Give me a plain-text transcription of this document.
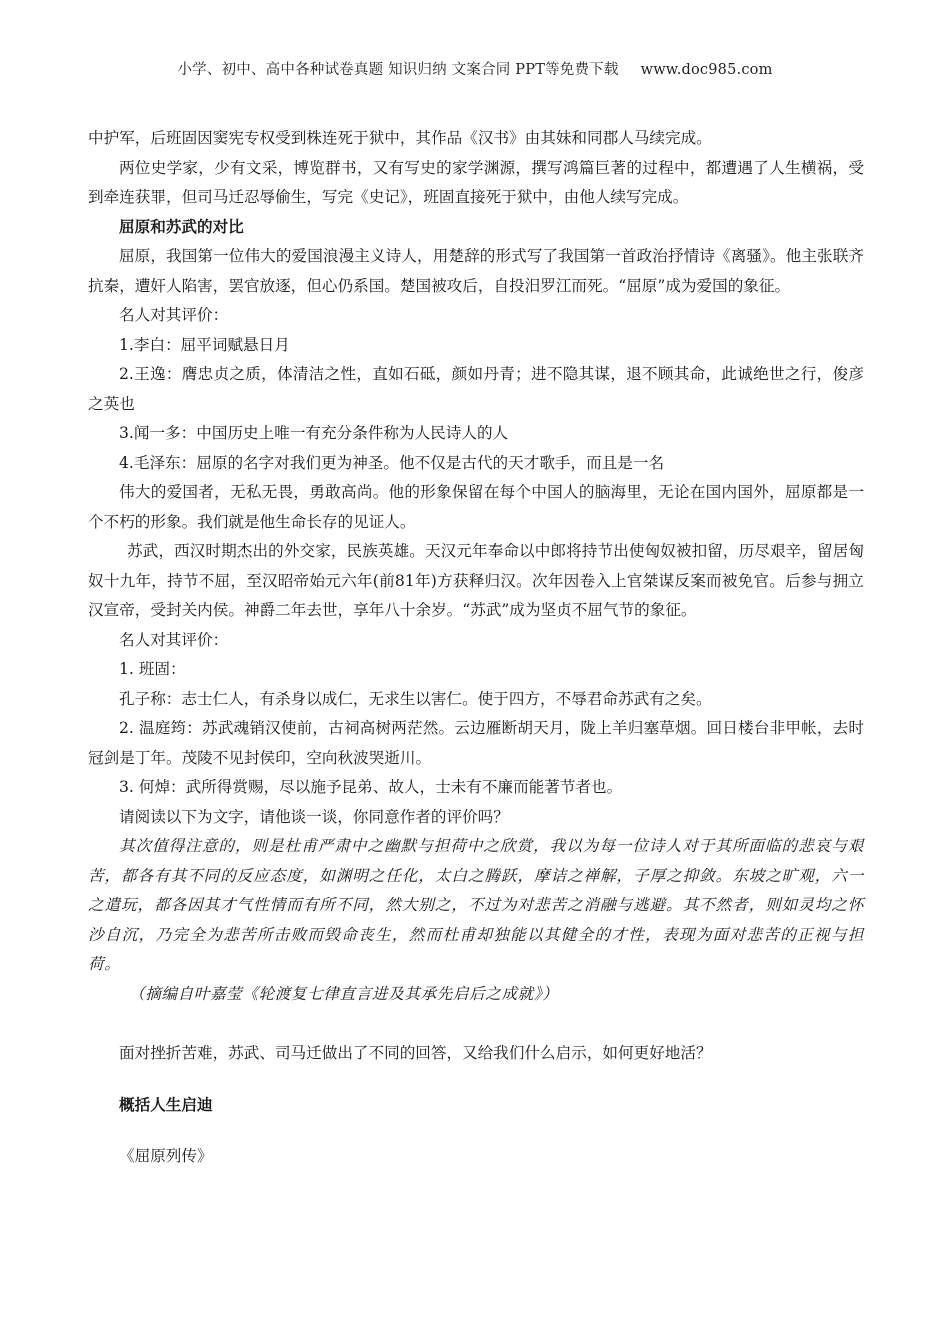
小学、初中、高中各种试卷真题 知识归纳 文案合同 PPT等免费下载 www.doc985.com

中护军，后班固因窦宪专权受到株连死于狱中，其作品《汉书》由其妹和同郡人马续完成。

两位史学家，少有文采，博览群书，又有写史的家学渊源，撰写鸿篇巨著的过程中，都遭遇了人生横祸，受到牵连获罪，但司马迁忍辱偷生，写完《史记》，班固直接死于狱中，由他人续写完成。

屈原和苏武的对比

屈原，我国第一位伟大的爱国浪漫主义诗人，用楚辞的形式写了我国第一首政治抒情诗《离骚》。他主张联齐抗秦，遭奸人陷害，罢官放逐，但心仍系国。楚国被攻后，自投汨罗江而死。“屈原”成为爱国的象征。

名人对其评价：

1.李白：屈平词赋悬日月

2.王逸：膺忠贞之质，体清洁之性，直如石砥，颜如丹青；进不隐其谋，退不顾其命，此诚绝世之行，俊彦之英也

3.闻一多：中国历史上唯一有充分条件称为人民诗人的人

4.毛泽东：屈原的名字对我们更为神圣。他不仅是古代的天才歌手，而且是一名

伟大的爱国者，无私无畏，勇敢高尚。他的形象保留在每个中国人的脑海里，无论在国内国外，屈原都是一个不朽的形象。我们就是他生命长存的见证人。

苏武，西汉时期杰出的外交家，民族英雄。天汉元年奉命以中郎将持节出使匈奴被扣留，历尽艰辛，留居匈奴十九年，持节不屈，至汉昭帝始元六年(前81年)方获释归汉。次年因卷入上官桀谋反案而被免官。后参与拥立汉宣帝，受封关内侯。神爵二年去世，享年八十余岁。“苏武”成为坚贞不屈气节的象征。

名人对其评价：

1. 班固：

孔子称：志士仁人，有杀身以成仁，无求生以害仁。使于四方，不辱君命苏武有之矣。

2. 温庭筠：苏武魂销汉使前，古祠高树两茫然。云边雁断胡天月，陇上羊归塞草烟。回日楼台非甲帐，去时冠剑是丁年。茂陵不见封侯印，空向秋波哭逝川。

3. 何焯：武所得赏赐，尽以施予昆弟、故人，士未有不廉而能著节者也。

请阅读以下为文字，请他谈一谈，你同意作者的评价吗？

其次值得注意的，则是杜甫严肃中之幽默与担荷中之欣赏，我以为每一位诗人对于其所面临的悲哀与艰苦，都各有其不同的反应态度，如渊明之任化，太白之腾跃，摩诘之禅解，子厚之抑敛。东坡之旷观，六一之遣玩，都各因其才气性情而有所不同，然大别之，不过为对悲苦之消融与逃避。其不然者，则如灵均之怀沙自沉，乃完全为悲苦所击败而毁命丧生，然而杜甫却独能以其健全的才性，表现为面对悲苦的正视与担荷。

（摘编自叶嘉莹《轮渡复七律直言进及其承先启后之成就》）

面对挫折苦难，苏武、司马迁做出了不同的回答，又给我们什么启示，如何更好地活？

概括人生启迪

《屈原列传》
